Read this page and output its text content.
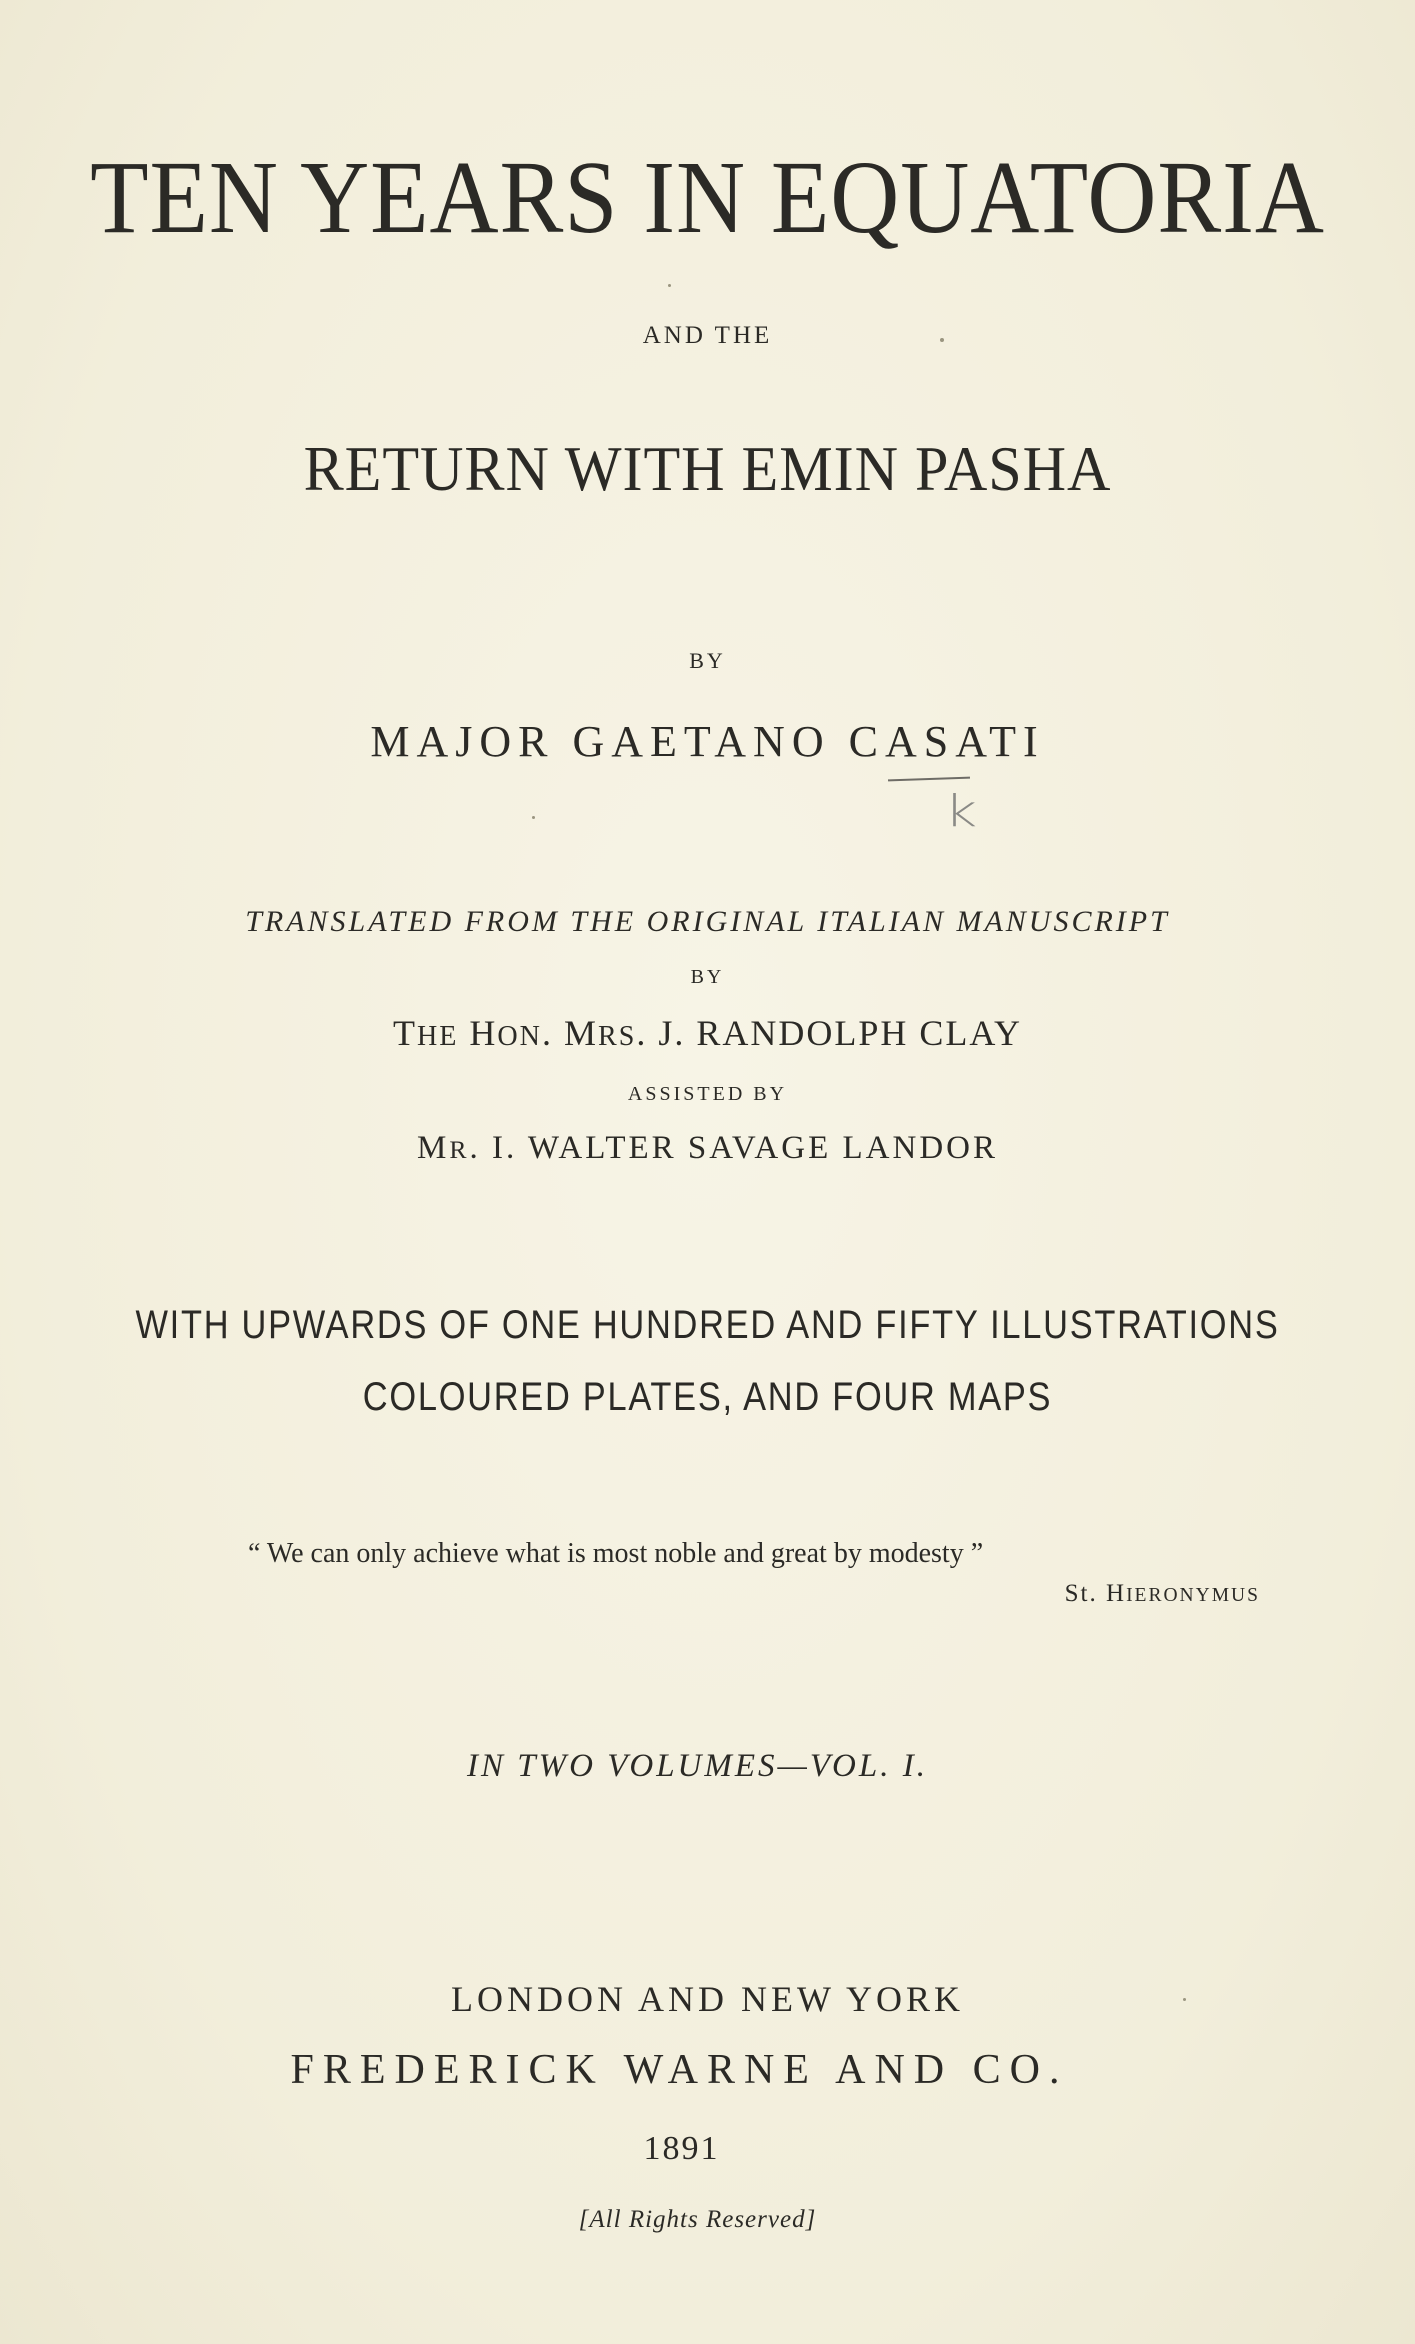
TEN YEARS IN EQUATORIA
AND THE
RETURN WITH EMIN PASHA
BY
MAJOR GAETANO CASATI
k
TRANSLATED FROM THE ORIGINAL ITALIAN MANUSCRIPT
BY
THE HON. MRS. J. RANDOLPH CLAY
ASSISTED BY
MR. I. WALTER SAVAGE LANDOR
WITH UPWARDS OF ONE HUNDRED AND FIFTY ILLUSTRATIONS
COLOURED PLATES, AND FOUR MAPS
“ We can only achieve what is most noble and great by modesty ”
St. HIERONYMUS
IN TWO VOLUMES—VOL. I.
LONDON AND NEW YORK
FREDERICK WARNE AND CO.
1891
[All Rights Reserved]
